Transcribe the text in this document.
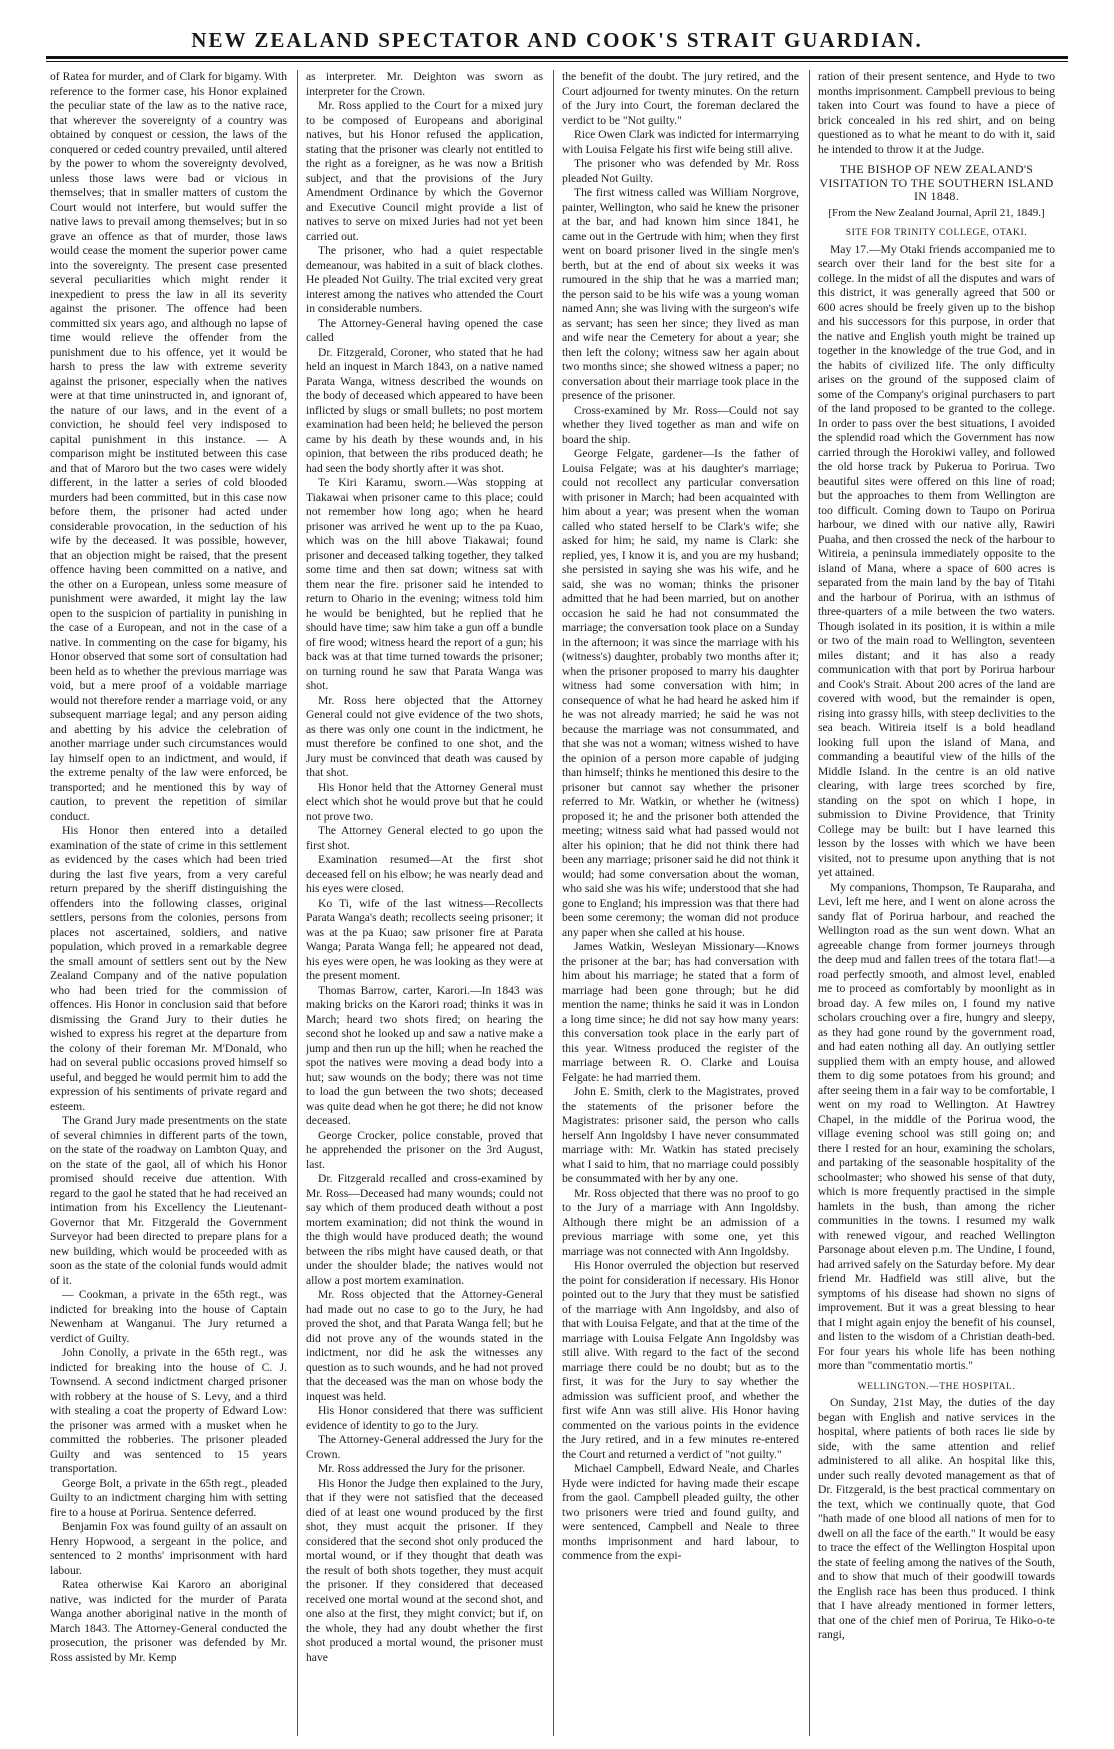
NEW ZEALAND SPECTATOR AND COOK'S STRAIT GUARDIAN.

of Ratea for murder, and of Clark for bigamy. With reference to the former case, his Honor explained the peculiar state of the law as to the native race, that wherever the sovereignty of a country was obtained by conquest or cession, the laws of the conquered or ceded country prevailed, until altered by the power to whom the sovereignty devolved, unless those laws were bad or vicious in themselves; that in smaller matters of custom the Court would not interfere, but would suffer the native laws to prevail among themselves; but in so grave an offence as that of murder, those laws would cease the moment the superior power came into the sovereignty. The present case presented several peculiarities which might render it inexpedient to press the law in all its severity against the prisoner. The offence had been committed six years ago, and although no lapse of time would relieve the offender from the punishment due to his offence, yet it would be harsh to press the law with extreme severity against the prisoner, especially when the natives were at that time uninstructed in, and ignorant of, the nature of our laws, and in the event of a conviction, he should feel very indisposed to capital punishment in this instance. — A comparison might be instituted between this case and that of Maroro but the two cases were widely different, in the latter a series of cold blooded murders had been committed, but in this case now before them, the prisoner had acted under considerable provocation, in the seduction of his wife by the deceased. It was possible, however, that an objection might be raised, that the present offence having been committed on a native, and the other on a European, unless some measure of punishment were awarded, it might lay the law open to the suspicion of partiality in punishing in the case of a European, and not in the case of a native. In commenting on the case for bigamy, his Honor observed that some sort of consultation had been held as to whether the previous marriage was void, but a mere proof of a voidable marriage would not therefore render a marriage void, or any subsequent marriage legal; and any person aiding and abetting by his advice the celebration of another marriage under such circumstances would lay himself open to an indictment, and would, if the extreme penalty of the law were enforced, be transported; and he mentioned this by way of caution, to prevent the repetition of similar conduct.

His Honor then entered into a detailed examination of the state of crime in this settlement as evidenced by the cases which had been tried during the last five years, from a very careful return prepared by the sheriff distinguishing the offenders into the following classes, original settlers, persons from the colonies, persons from places not ascertained, soldiers, and native population, which proved in a remarkable degree the small amount of settlers sent out by the New Zealand Company and of the native population who had been tried for the commission of offences. His Honor in conclusion said that before dismissing the Grand Jury to their duties he wished to express his regret at the departure from the colony of their foreman Mr. M'Donald, who had on several public occasions proved himself so useful, and begged he would permit him to add the expression of his sentiments of private regard and esteem.

The Grand Jury made presentments on the state of several chimnies in different parts of the town, on the state of the roadway on Lambton Quay, and on the state of the gaol, all of which his Honor promised should receive due attention. With regard to the gaol he stated that he had received an intimation from his Excellency the Lieutenant-Governor that Mr. Fitzgerald the Government Surveyor had been directed to prepare plans for a new building, which would be proceeded with as soon as the state of the colonial funds would admit of it.

— Cookman, a private in the 65th regt., was indicted for breaking into the house of Captain Newenham at Wanganui. The Jury returned a verdict of Guilty.

John Conolly, a private in the 65th regt., was indicted for breaking into the house of C. J. Townsend. A second indictment charged prisoner with robbery at the house of S. Levy, and a third with stealing a coat the property of Edward Low: the prisoner was armed with a musket when he committed the robberies. The prisoner pleaded Guilty and was sentenced to 15 years transportation.

George Bolt, a private in the 65th regt., pleaded Guilty to an indictment charging him with setting fire to a house at Porirua. Sentence deferred.

Benjamin Fox was found guilty of an assault on Henry Hopwood, a sergeant in the police, and sentenced to 2 months' imprisonment with hard labour.

Ratea otherwise Kai Karoro an aboriginal native, was indicted for the murder of Parata Wanga another aboriginal native in the month of March 1843. The Attorney-General conducted the prosecution, the prisoner was defended by Mr. Ross assisted by Mr. Kemp

as interpreter. Mr. Deighton was sworn as interpreter for the Crown.

Mr. Ross applied to the Court for a mixed jury to be composed of Europeans and aboriginal natives, but his Honor refused the application, stating that the prisoner was clearly not entitled to the right as a foreigner, as he was now a British subject, and that the provisions of the Jury Amendment Ordinance by which the Governor and Executive Council might provide a list of natives to serve on mixed Juries had not yet been carried out.

The prisoner, who had a quiet respectable demeanour, was habited in a suit of black clothes. He pleaded Not Guilty. The trial excited very great interest among the natives who attended the Court in considerable numbers.

The Attorney-General having opened the case called

Dr. Fitzgerald, Coroner, who stated that he had held an inquest in March 1843, on a native named Parata Wanga, witness described the wounds on the body of deceased which appeared to have been inflicted by slugs or small bullets; no post mortem examination had been held; he believed the person came by his death by these wounds and, in his opinion, that between the ribs produced death; he had seen the body shortly after it was shot.

Te Kiri Karamu, sworn.—Was stopping at Tiakawai when prisoner came to this place; could not remember how long ago; when he heard prisoner was arrived he went up to the pa Kuao, which was on the hill above Tiakawai; found prisoner and deceased talking together, they talked some time and then sat down; witness sat with them near the fire. prisoner said he intended to return to Ohario in the evening; witness told him he would be benighted, but he replied that he should have time; saw him take a gun off a bundle of fire wood; witness heard the report of a gun; his back was at that time turned towards the prisoner; on turning round he saw that Parata Wanga was shot.

Mr. Ross here objected that the Attorney General could not give evidence of the two shots, as there was only one count in the indictment, he must therefore be confined to one shot, and the Jury must be convinced that death was caused by that shot.

His Honor held that the Attorney General must elect which shot he would prove but that he could not prove two.

The Attorney General elected to go upon the first shot.

Examination resumed—At the first shot deceased fell on his elbow; he was nearly dead and his eyes were closed.

Ko Ti, wife of the last witness—Recollects Parata Wanga's death; recollects seeing prisoner; it was at the pa Kuao; saw prisoner fire at Parata Wanga; Parata Wanga fell; he appeared not dead, his eyes were open, he was looking as they were at the present moment.

Thomas Barrow, carter, Karori.—In 1843 was making bricks on the Karori road; thinks it was in March; heard two shots fired; on hearing the second shot he looked up and saw a native make a jump and then run up the hill; when he reached the spot the natives were moving a dead body into a hut; saw wounds on the body; there was not time to load the gun between the two shots; deceased was quite dead when he got there; he did not know deceased.

George Crocker, police constable, proved that he apprehended the prisoner on the 3rd August, last.

Dr. Fitzgerald recalled and cross-examined by Mr. Ross—Deceased had many wounds; could not say which of them produced death without a post mortem examination; did not think the wound in the thigh would have produced death; the wound between the ribs might have caused death, or that under the shoulder blade; the natives would not allow a post mortem examination.

Mr. Ross objected that the Attorney-General had made out no case to go to the Jury, he had proved the shot, and that Parata Wanga fell; but he did not prove any of the wounds stated in the indictment, nor did he ask the witnesses any question as to such wounds, and he had not proved that the deceased was the man on whose body the inquest was held.

His Honor considered that there was sufficient evidence of identity to go to the Jury.

The Attorney-General addressed the Jury for the Crown.

Mr. Ross addressed the Jury for the prisoner.

His Honor the Judge then explained to the Jury, that if they were not satisfied that the deceased died of at least one wound produced by the first shot, they must acquit the prisoner. If they considered that the second shot only produced the mortal wound, or if they thought that death was the result of both shots together, they must acquit the prisoner. If they considered that deceased received one mortal wound at the second shot, and one also at the first, they might convict; but if, on the whole, they had any doubt whether the first shot produced a mortal wound, the prisoner must have

the benefit of the doubt. The jury retired, and the Court adjourned for twenty minutes. On the return of the Jury into Court, the foreman declared the verdict to be "Not guilty."

Rice Owen Clark was indicted for intermarrying with Louisa Felgate his first wife being still alive.

The prisoner who was defended by Mr. Ross pleaded Not Guilty.

The first witness called was William Norgrove, painter, Wellington, who said he knew the prisoner at the bar, and had known him since 1841, he came out in the Gertrude with him; when they first went on board prisoner lived in the single men's berth, but at the end of about six weeks it was rumoured in the ship that he was a married man; the person said to be his wife was a young woman named Ann; she was living with the surgeon's wife as servant; has seen her since; they lived as man and wife near the Cemetery for about a year; she then left the colony; witness saw her again about two months since; she showed witness a paper; no conversation about their marriage took place in the presence of the prisoner.

Cross-examined by Mr. Ross—Could not say whether they lived together as man and wife on board the ship.

George Felgate, gardener—Is the father of Louisa Felgate; was at his daughter's marriage; could not recollect any particular conversation with prisoner in March; had been acquainted with him about a year; was present when the woman called who stated herself to be Clark's wife; she asked for him; he said, my name is Clark: she replied, yes, I know it is, and you are my husband; she persisted in saying she was his wife, and he said, she was no woman; thinks the prisoner admitted that he had been married, but on another occasion he said he had not consummated the marriage; the conversation took place on a Sunday in the afternoon; it was since the marriage with his (witness's) daughter, probably two months after it; when the prisoner proposed to marry his daughter witness had some conversation with him; in consequence of what he had heard he asked him if he was not already married; he said he was not because the marriage was not consummated, and that she was not a woman; witness wished to have the opinion of a person more capable of judging than himself; thinks he mentioned this desire to the prisoner but cannot say whether the prisoner referred to Mr. Watkin, or whether he (witness) proposed it; he and the prisoner both attended the meeting; witness said what had passed would not alter his opinion; that he did not think there had been any marriage; prisoner said he did not think it would; had some conversation about the woman, who said she was his wife; understood that she had gone to England; his impression was that there had been some ceremony; the woman did not produce any paper when she called at his house.

James Watkin, Wesleyan Missionary—Knows the prisoner at the bar; has had conversation with him about his marriage; he stated that a form of marriage had been gone through; but he did mention the name; thinks he said it was in London a long time since; he did not say how many years: this conversation took place in the early part of this year. Witness produced the register of the marriage between R. O. Clarke and Louisa Felgate: he had married them.

John E. Smith, clerk to the Magistrates, proved the statements of the prisoner before the Magistrates: prisoner said, the person who calls herself Ann Ingoldsby I have never consummated marriage with: Mr. Watkin has stated precisely what I said to him, that no marriage could possibly be consummated with her by any one.

Mr. Ross objected that there was no proof to go to the Jury of a marriage with Ann Ingoldsby. Although there might be an admission of a previous marriage with some one, yet this marriage was not connected with Ann Ingoldsby.

His Honor overruled the objection but reserved the point for consideration if necessary. His Honor pointed out to the Jury that they must be satisfied of the marriage with Ann Ingoldsby, and also of that with Louisa Felgate, and that at the time of the marriage with Louisa Felgate Ann Ingoldsby was still alive. With regard to the fact of the second marriage there could be no doubt; but as to the first, it was for the Jury to say whether the admission was sufficient proof, and whether the first wife Ann was still alive. His Honor having commented on the various points in the evidence the Jury retired, and in a few minutes re-entered the Court and returned a verdict of "not guilty."

Michael Campbell, Edward Neale, and Charles Hyde were indicted for having made their escape from the gaol. Campbell pleaded guilty, the other two prisoners were tried and found guilty, and were sentenced, Campbell and Neale to three months imprisonment and hard labour, to commence from the expi-

ration of their present sentence, and Hyde to two months imprisonment. Campbell previous to being taken into Court was found to have a piece of brick concealed in his red shirt, and on being questioned as to what he meant to do with it, said he intended to throw it at the Judge.

THE BISHOP OF NEW ZEALAND'S VISITATION TO THE SOUTHERN ISLAND IN 1848.

[From the New Zealand Journal, April 21, 1849.]

SITE FOR TRINITY COLLEGE, OTAKI.

May 17.—My Otaki friends accompanied me to search over their land for the best site for a college. In the midst of all the disputes and wars of this district, it was generally agreed that 500 or 600 acres should be freely given up to the bishop and his successors for this purpose, in order that the native and English youth might be trained up together in the knowledge of the true God, and in the habits of civilized life. The only difficulty arises on the ground of the supposed claim of some of the Company's original purchasers to part of the land proposed to be granted to the college. In order to pass over the best situations, I avoided the splendid road which the Government has now carried through the Horokiwi valley, and followed the old horse track by Pukerua to Porirua. Two beautiful sites were offered on this line of road; but the approaches to them from Wellington are too difficult. Coming down to Taupo on Porirua harbour, we dined with our native ally, Rawiri Puaha, and then crossed the neck of the harbour to Witireia, a peninsula immediately opposite to the island of Mana, where a space of 600 acres is separated from the main land by the bay of Titahi and the harbour of Porirua, with an isthmus of three-quarters of a mile between the two waters. Though isolated in its position, it is within a mile or two of the main road to Wellington, seventeen miles distant; and it has also a ready communication with that port by Porirua harbour and Cook's Strait. About 200 acres of the land are covered with wood, but the remainder is open, rising into grassy hills, with steep declivities to the sea beach. Witireia itself is a bold headland looking full upon the island of Mana, and commanding a beautiful view of the hills of the Middle Island. In the centre is an old native clearing, with large trees scorched by fire, standing on the spot on which I hope, in submission to Divine Providence, that Trinity College may be built: but I have learned this lesson by the losses with which we have been visited, not to presume upon anything that is not yet attained.

My companions, Thompson, Te Rauparaha, and Levi, left me here, and I went on alone across the sandy flat of Porirua harbour, and reached the Wellington road as the sun went down. What an agreeable change from former journeys through the deep mud and fallen trees of the totara flat!—a road perfectly smooth, and almost level, enabled me to proceed as comfortably by moonlight as in broad day. A few miles on, I found my native scholars crouching over a fire, hungry and sleepy, as they had gone round by the government road, and had eaten nothing all day. An outlying settler supplied them with an empty house, and allowed them to dig some potatoes from his ground; and after seeing them in a fair way to be comfortable, I went on my road to Wellington. At Hawtrey Chapel, in the middle of the Porirua wood, the village evening school was still going on; and there I rested for an hour, examining the scholars, and partaking of the seasonable hospitality of the schoolmaster; who showed his sense of that duty, which is more frequently practised in the simple hamlets in the bush, than among the richer communities in the towns. I resumed my walk with renewed vigour, and reached Wellington Parsonage about eleven p.m. The Undine, I found, had arrived safely on the Saturday before. My dear friend Mr. Hadfield was still alive, but the symptoms of his disease had shown no signs of improvement. But it was a great blessing to hear that I might again enjoy the benefit of his counsel, and listen to the wisdom of a Christian death-bed. For four years his whole life has been nothing more than "commentatio mortis."

WELLINGTON.—THE HOSPITAL.

On Sunday, 21st May, the duties of the day began with English and native services in the hospital, where patients of both races lie side by side, with the same attention and relief administered to all alike. An hospital like this, under such really devoted management as that of Dr. Fitzgerald, is the best practical commentary on the text, which we continually quote, that God "hath made of one blood all nations of men for to dwell on all the face of the earth." It would be easy to trace the effect of the Wellington Hospital upon the state of feeling among the natives of the South, and to show that much of their goodwill towards the English race has been thus produced. I think that I have already mentioned in former letters, that one of the chief men of Porirua, Te Hiko-o-te rangi,
